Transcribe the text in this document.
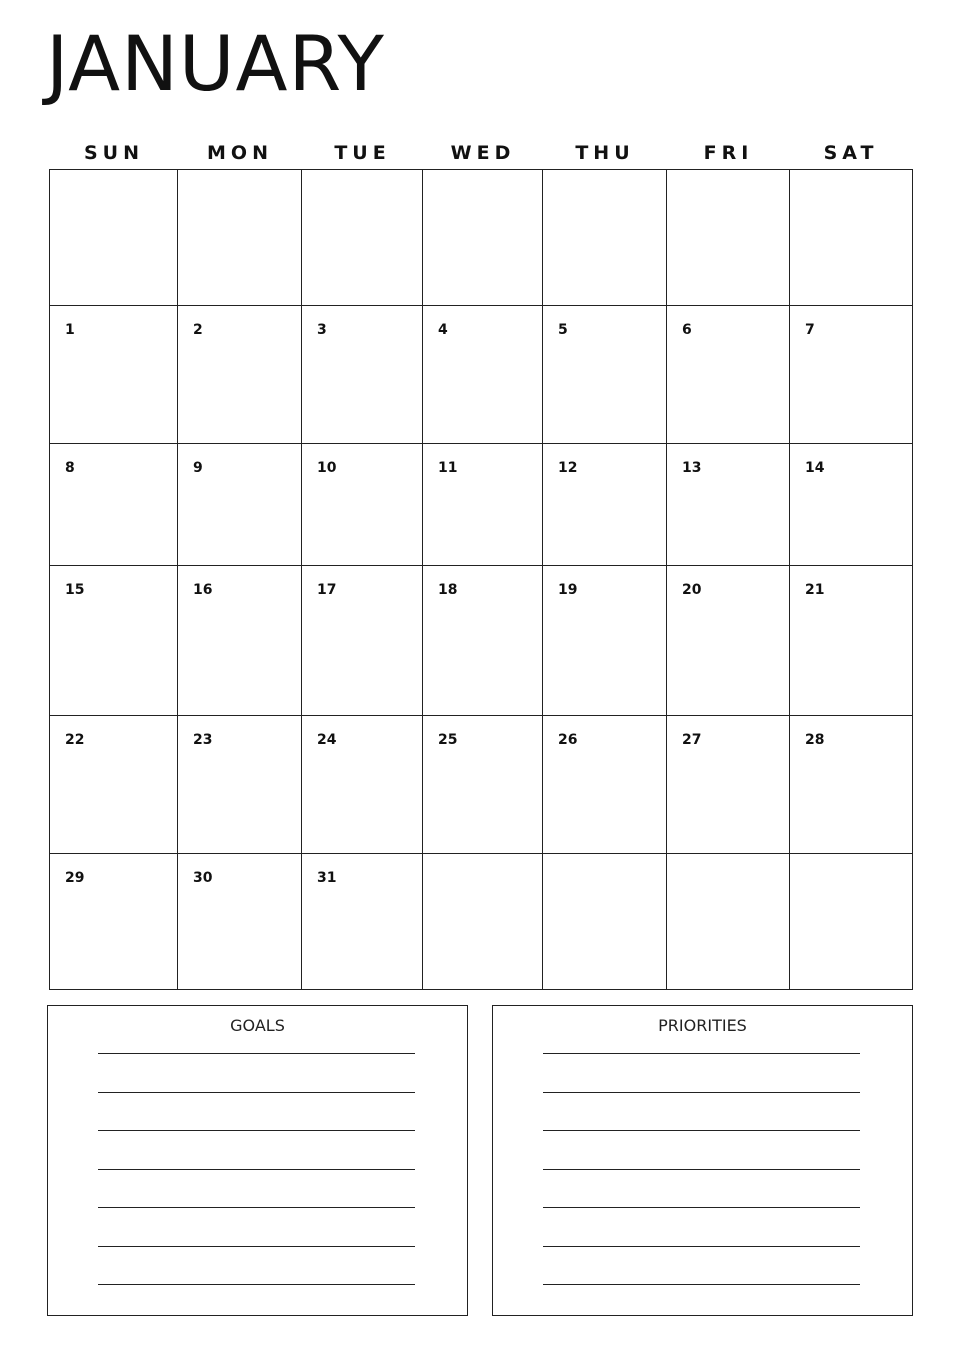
JANUARY
SUN	MON	TUE	WED	THU	FRI	SAT
1	2	3	4	5	6	7
8	9	10	11	12	13	14
15	16	17	18	19	20	21
22	23	24	25	26	27	28
29	30	31
GOALS	PRIORITIES
